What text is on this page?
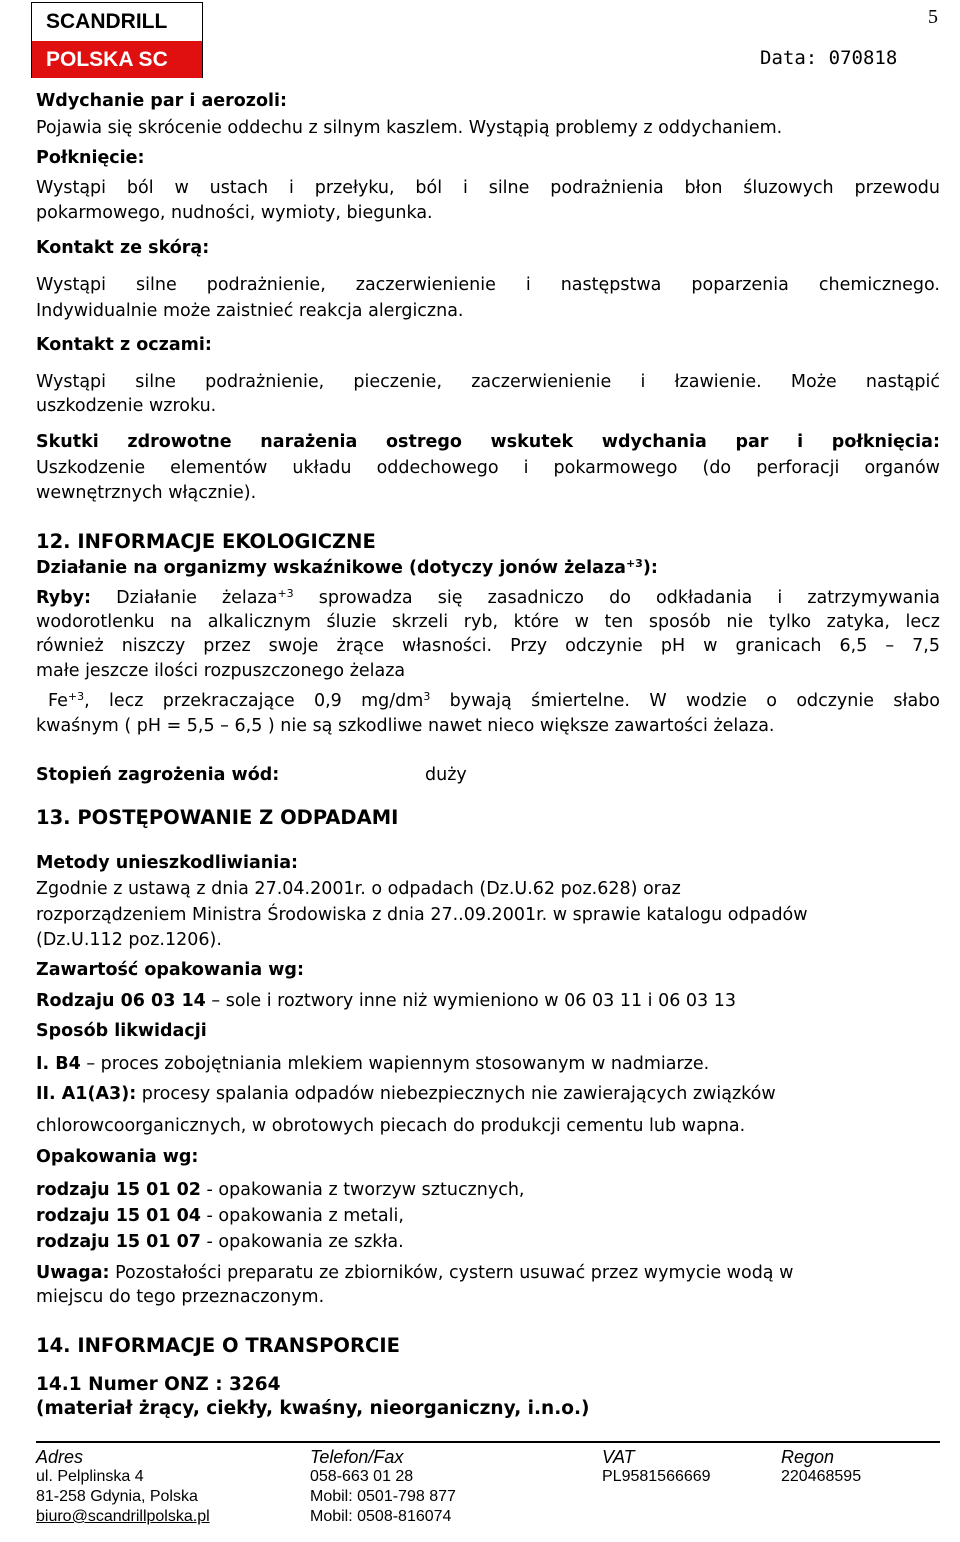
SCANDRILL
POLSKA SC
5
Data: 070818
Wdychanie par i aerozoli:
Pojawia się skrócenie oddechu z silnym kaszlem. Wystąpią problemy z oddychaniem.
Połknięcie:
Wystąpi ból w ustach i przełyku, ból i silne podrażnienia błon śluzowych przewodu
pokarmowego, nudności, wymioty, biegunka.
Kontakt ze skórą:
Wystąpi silne podrażnienie, zaczerwienienie i następstwa poparzenia chemicznego.
Indywidualnie może zaistnieć reakcja alergiczna.
Kontakt z oczami:
Wystąpi silne podrażnienie, pieczenie, zaczerwienienie i łzawienie. Może nastąpić
uszkodzenie wzroku.
Skutki zdrowotne narażenia ostrego wskutek wdychania par i połknięcia:
Uszkodzenie elementów układu oddechowego i pokarmowego (do perforacji organów
wewnętrznych włącznie).
12. INFORMACJE EKOLOGICZNE
Działanie na organizmy wskaźnikowe (dotyczy jonów żelaza$^{+3}$):
Ryby: Działanie żelaza$^{+3}$ sprowadza się zasadniczo do odkładania i zatrzymywania
wodorotlenku na alkalicznym śluzie skrzeli ryb, które w ten sposób nie tylko zatyka, lecz
również niszczy przez swoje żrące własności. Przy odczynie pH w granicach 6,5 – 7,5
małe jeszcze ilości rozpuszczonego żelaza
$Fe^{+3}$, lecz przekraczające 0,9 $mg/dm^3$ bywają śmiertelne. W wodzie o odczynie słabo
kwaśnym ( pH = 5,5 – 6,5 ) nie są szkodliwe nawet nieco większe zawartości żelaza.
Stopień zagrożenia wód:	duży
13. POSTĘPOWANIE Z ODPADAMI
Metody unieszkodliwiania:
Zgodnie z ustawą z dnia 27.04.2001r. o odpadach (Dz.U.62 poz.628) oraz
rozporządzeniem Ministra Środowiska z dnia 27..09.2001r. w sprawie katalogu odpadów
(Dz.U.112 poz.1206).
Zawartość opakowania wg:
Rodzaju 06 03 14 – sole i roztwory inne niż wymieniono w 06 03 11 i 06 03 13
Sposób likwidacji
I. B4 – proces zobojętniania mlekiem wapiennym stosowanym w nadmiarze.
II. A1(A3): procesy spalania odpadów niebezpiecznych nie zawierających związków
chlorowcoorganicznych, w obrotowych piecach do produkcji cementu lub wapna.
Opakowania wg:
rodzaju 15 01 02 - opakowania z tworzyw sztucznych,
rodzaju 15 01 04 - opakowania z metali,
rodzaju 15 01 07 - opakowania ze szkła.
Uwaga: Pozostałości preparatu ze zbiorników, cystern usuwać przez wymycie wodą w
miejscu do tego przeznaczonym.
14. INFORMACJE O TRANSPORCIE
14.1 Numer ONZ : 3264
(materiał żrący, ciekły, kwaśny, nieorganiczny, i.n.o.)
Adres
ul. Pelplinska 4
81-258 Gdynia, Polska
biuro@scandrillpolska.pl
Telefon/Fax
058-663 01 28
Mobil: 0501-798 877
Mobil: 0508-816074
VAT
PL9581566669
Regon
220468595
